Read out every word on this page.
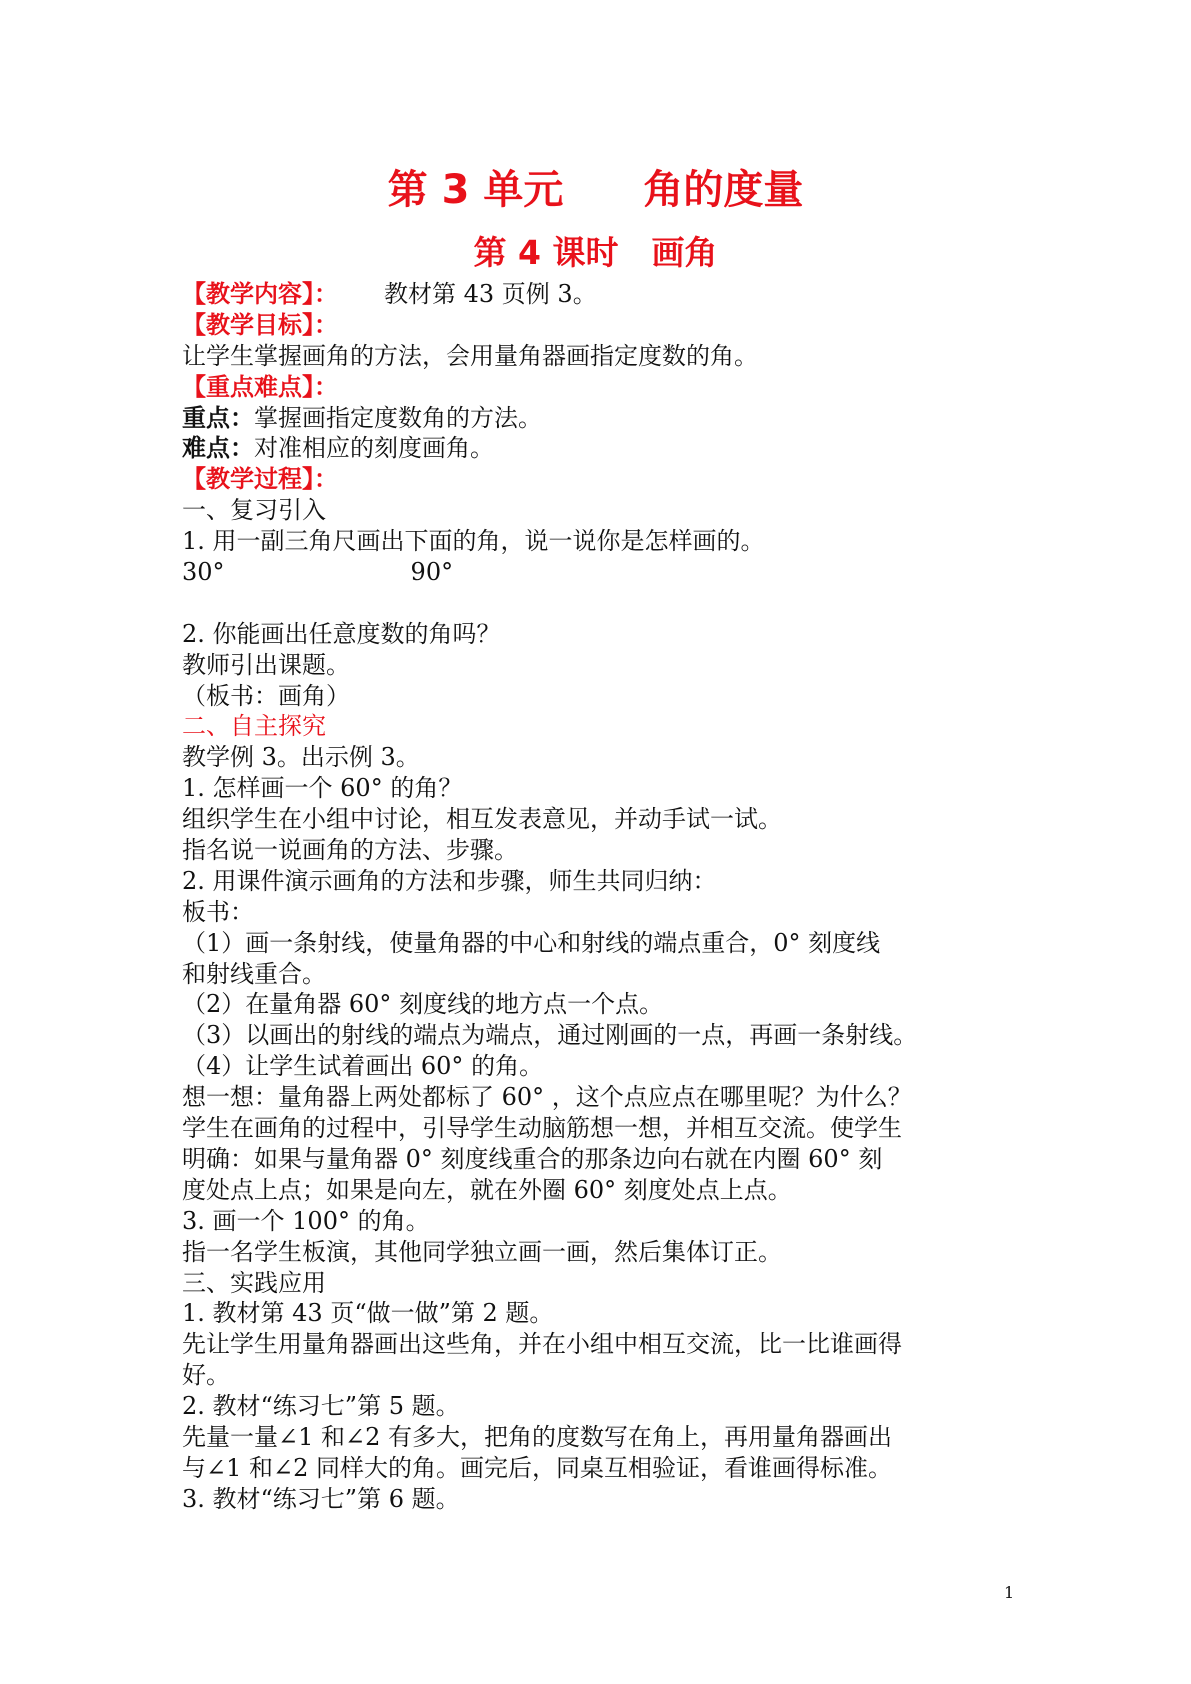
第 3 单元　　角的度量
第 4 课时　画角
【教学内容】： 教材第 43 页例 3。
【教学目标】：
让学生掌握画角的方法，会用量角器画指定度数的角。
【重点难点】：
重点：掌握画指定度数角的方法。
难点：对准相应的刻度画角。
【教学过程】：
一、复习引入
1. 用一副三角尺画出下面的角，说一说你是怎样画的。
30°	90°
2. 你能画出任意度数的角吗？
教师引出课题。
（板书：画角）
二、自主探究
教学例 3。出示例 3。
1. 怎样画一个 60° 的角？
组织学生在小组中讨论，相互发表意见，并动手试一试。
指名说一说画角的方法、步骤。
2. 用课件演示画角的方法和步骤，师生共同归纳：
板书：
（1）画一条射线，使量角器的中心和射线的端点重合，0° 刻度线
和射线重合。
（2）在量角器 60° 刻度线的地方点一个点。
（3）以画出的射线的端点为端点，通过刚画的一点，再画一条射线。
（4）让学生试着画出 60° 的角。
想一想：量角器上两处都标了 60° ，这个点应点在哪里呢？为什么？
学生在画角的过程中，引导学生动脑筋想一想，并相互交流。使学生
明确：如果与量角器 0° 刻度线重合的那条边向右就在内圈 60° 刻
度处点上点；如果是向左，就在外圈 60° 刻度处点上点。
3. 画一个 100° 的角。
指一名学生板演，其他同学独立画一画，然后集体订正。
三、实践应用
1. 教材第 43 页“做一做”第 2 题。
先让学生用量角器画出这些角，并在小组中相互交流，比一比谁画得
好。
2. 教材“练习七”第 5 题。
先量一量∠1 和∠2 有多大，把角的度数写在角上，再用量角器画出
与∠1 和∠2 同样大的角。画完后，同桌互相验证，看谁画得标准。
3. 教材“练习七”第 6 题。
1
